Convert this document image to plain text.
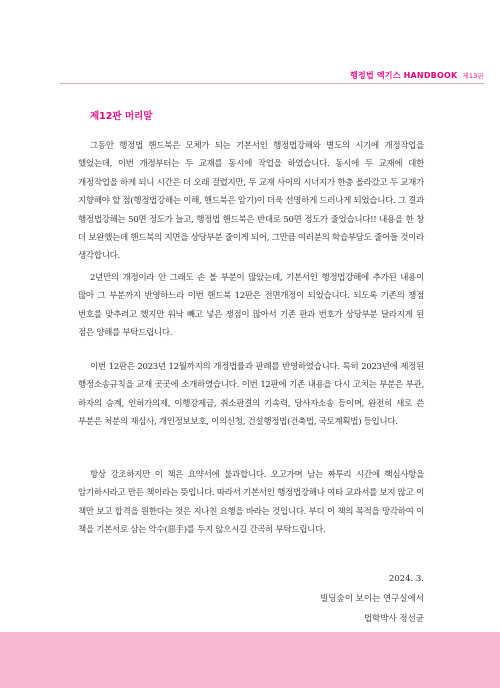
행정법 엑기스 HANDBOOK 제13판
제12판 머리말

그동안 행정법 핸드북은 모체가 되는 기본서인 행정법강해와 별도의 시기에 개정작업을 했었는데, 이번 개정부터는 두 교재를 동시에 작업을 하였습니다. 동시에 두 교재에 대한 개정작업을 하게 되니 시간은 더 오래 걸렸지만, 두 교재 사이의 시너지가 한층 올라갔고 두 교재가 지향해야 할 점(행정법강해는 이해, 핸드북은 암기)이 더욱 선명하게 드러나게 되었습니다. 그 결과 행정법강해는 50면 정도가 늘고, 행정법 핸드북은 반대로 50면 정도가 줄었습니다!! 내용을 한 창 더 보완했는데 핸드북의 지면을 상당부분 줄이게 되어, 그만큼 여러분의 학습부담도 줄어들 것이라 생각합니다.

2년만의 개정이라 안 그래도 손 볼 부분이 많았는데, 기본서인 행정법강해에 추가된 내용이 많아 그 부분까지 반영하느라 이번 핸드북 12판은 전면개정이 되었습니다. 되도록 기존의 쟁점 번호를 맞추려고 했지만 워낙 빼고 넣은 쟁점이 많아서 기존 판과 번호가 상당부분 달라지게 된 점은 양해를 부탁드립니다.

이번 12판은 2023년 12월까지의 개정법률과 판례를 반영하였습니다. 특히 2023년에 제정된 행정소송규칙을 교재 곳곳에 소개하였습니다. 이번 12판에 기존 내용을 다시 고치는 부분은 부관, 하자의 승계, 인허가의제, 이행강제금, 취소판결의 기속력, 당사자소송 등이며, 완전히 새로 쓴 부분은 처분의 재심사, 개인정보보호, 이의신청, 건설행정법(건축법, 국토계획법) 등입니다.

항상 강조하지만 이 책은 요약서에 불과합니다. 오고가며 남는 짜투리 시간에 핵심사항을 암기하시라고 만든 책이라는 뜻입니다. 따라서 기본서인 행정법강해나 여타 교과서를 보지 않고 이 책만 보고 합격을 원한다는 것은 지나친 요행을 바라는 것입니다. 부디 이 책의 목적을 망각하여 이 책을 기본서로 삼는 악수(惡手)를 두지 않으시길 간곡히 부탁드립니다.

2024. 3.
빌딩숲이 보이는 연구실에서
법학박사 정선균
